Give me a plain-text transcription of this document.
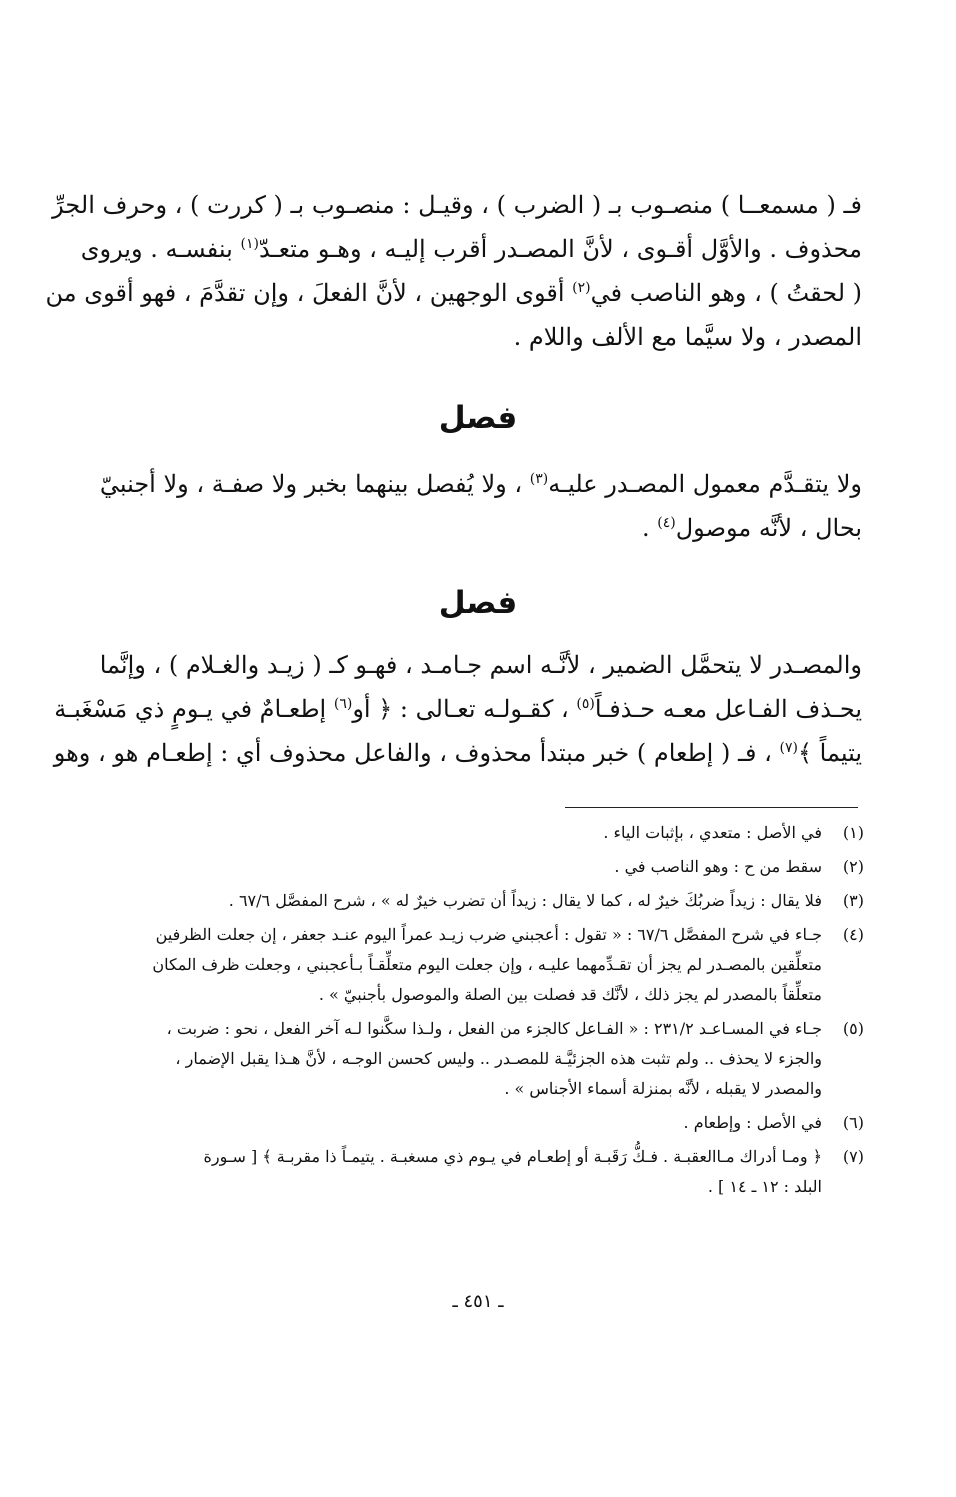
فـ ( مسمعــا ) منصـوب بـ ( الضرب ) ، وقيـل : منصـوب بـ ( كررت ) ، وحرف الجرِّ
محذوف . والأوَّل أقـوى ، لأنَّ المصـدر أقرب إليـه ، وهـو متعـدّ$^{(١)}$ بنفسـه . ويروى
( لحقتُ ) ، وهو الناصب في$^{(٢)}$ أقوى الوجهين ، لأنَّ الفعلَ ، وإن تقدَّمَ ، فهو أقوى من
المصدر ، ولا سيَّما مع الألف واللام .
فصل
ولا يتقـدَّم معمول المصـدر عليـه$^{(٣)}$ ، ولا يُفصل بينهما بخبر ولا صفـة ، ولا أجنبيّ
بحال ، لأنَّه موصول$^{(٤)}$ .
فصل
والمصـدر لا يتحمَّل الضمير ، لأنَّـه اسم جـامـد ، فهـو كـ ( زيـد والغـلام ) ، وإنَّما
يحـذف الفـاعل معـه حـذفـاً$^{(٥)}$ ، كقـولـه تعـالى : ﴿ أو$^{(٦)}$ إطعـامٌ في يـومٍ ذي مَسْغَبـة
يتيماً ﴾$^{(٧)}$ ، فـ ( إطعام ) خبر مبتدأ محذوف ، والفاعل محذوف أي : إطعـام هو ، وهو
(١)
في الأصل : متعدي ، بإثبات الياء .
(٢)
سقط من ح : وهو الناصب في .
(٣)
فلا يقال : زيداً ضربُكَ خيرٌ له ، كما لا يقال : زيداً أن تضرب خيرٌ له » ، شرح المفصَّل ٦٧/٦ .
(٤)
جـاء في شرح المفصَّل ٦٧/٦ : « تقول : أعجبني ضرب زيـد عمراً اليوم عنـد جعفر ، إن جعلت الظرفين
متعلِّقين بالمصـدر لم يجز أن تقـدِّمهما عليـه ، وإن جعلت اليوم متعلِّقـاً بـأعجبني ، وجعلت ظرف المكان
متعلِّقاً بالمصدر لم يجز ذلك ، لأنَّك قد فصلت بين الصلة والموصول بأجنبيّ » .
(٥)
جـاء في المسـاعـد ٢٣١/٢ : « الفـاعل كالجزء من الفعل ، ولـذا سكَّنوا لـه آخر الفعل ، نحو : ضربت ،
والجزء لا يحذف .. ولم تثبت هذه الجزئيَّـة للمصـدر .. وليس كحسن الوجـه ، لأنَّ هـذا يقبل الإضمار ،
والمصدر لا يقبله ، لأنَّه بمنزلة أسماء الأجناس » .
(٦)
في الأصل : وإطعام .
(٧)
﴿ ومـا أدراك مـاالعقبـة . فـكُّ رَقَبـة أو إطعـام في يـوم ذي مسغبـة . يتيمـاً ذا مقربـة ﴾ [ سـورة
البلد : ١٢ ـ ١٤ ] .
ـ ٤٥١ ـ
